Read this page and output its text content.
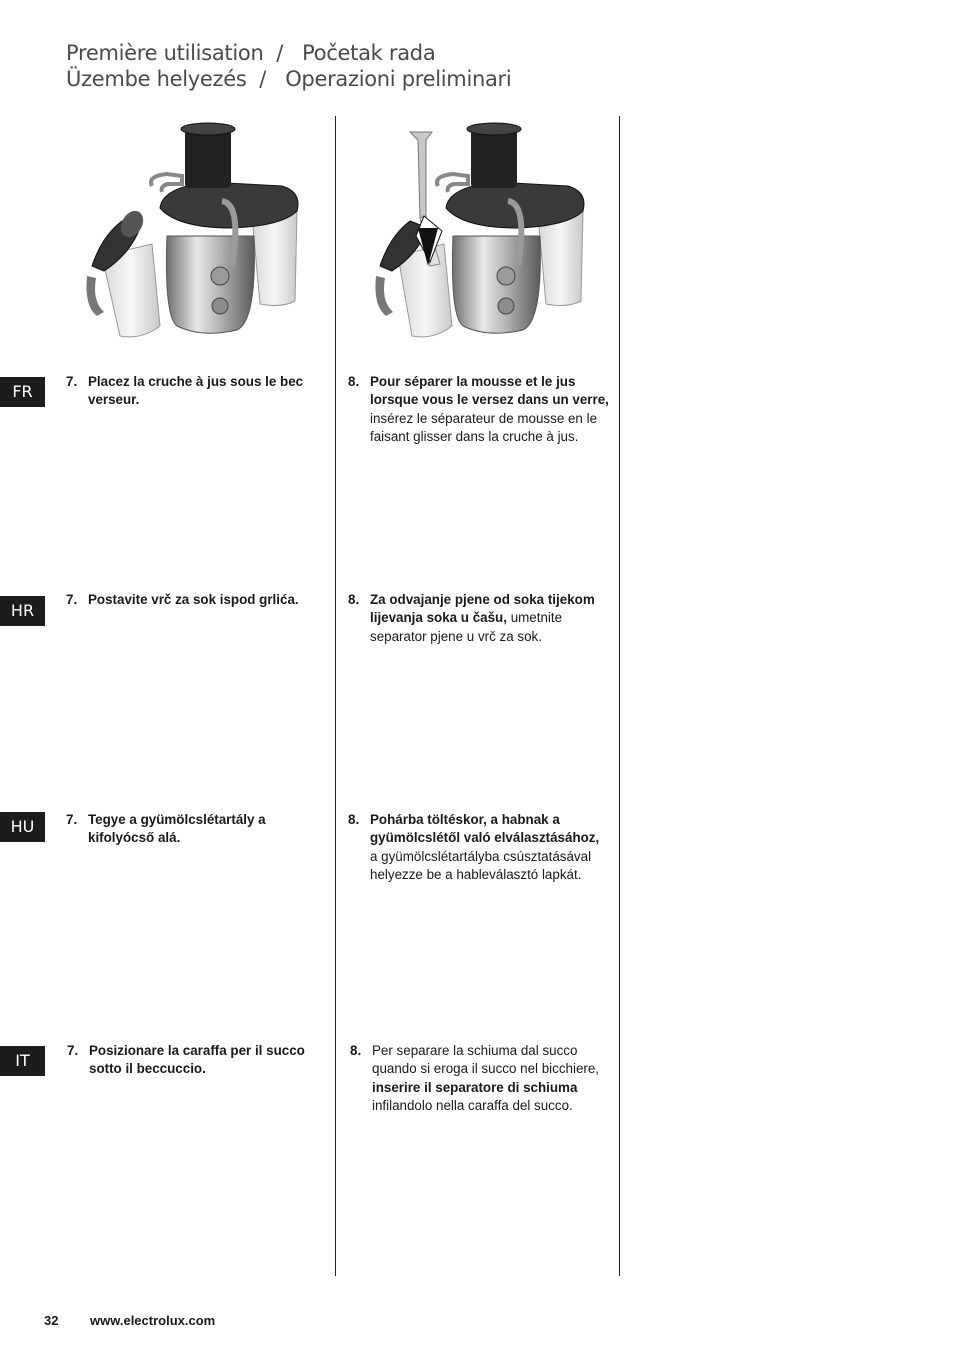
Première utilisation / Početak rada
Üzembe helyezés / Operazioni preliminari
FR
7. Placez la cruche à jus sous le bec verseur.
8. Pour séparer la mousse et le jus lorsque vous le versez dans un verre, insérez le séparateur de mousse en le faisant glisser dans la cruche à jus.
HR
7. Postavite vrč za sok ispod grlića.	8. Za odvajanje pjene od soka tijekom lijevanja soka u čašu, umetnite separator pjene u vrč za sok.
HU	7. Tegye a gyümölcslétartály a kifolyócső alá.
8. Pohárba töltéskor, a habnak a gyümölcslétől való elválasztásához, a gyümölcslétartályba csúsztatásával helyezze be a hableválasztó lapkát.
IT
7. Posizionare la caraffa per il succo sotto il beccuccio.
8. Per separare la schiuma dal succo quando si eroga il succo nel bicchiere, inserire il separatore di schiuma infilandolo nella caraffa del succo.
32 www.electrolux.com
